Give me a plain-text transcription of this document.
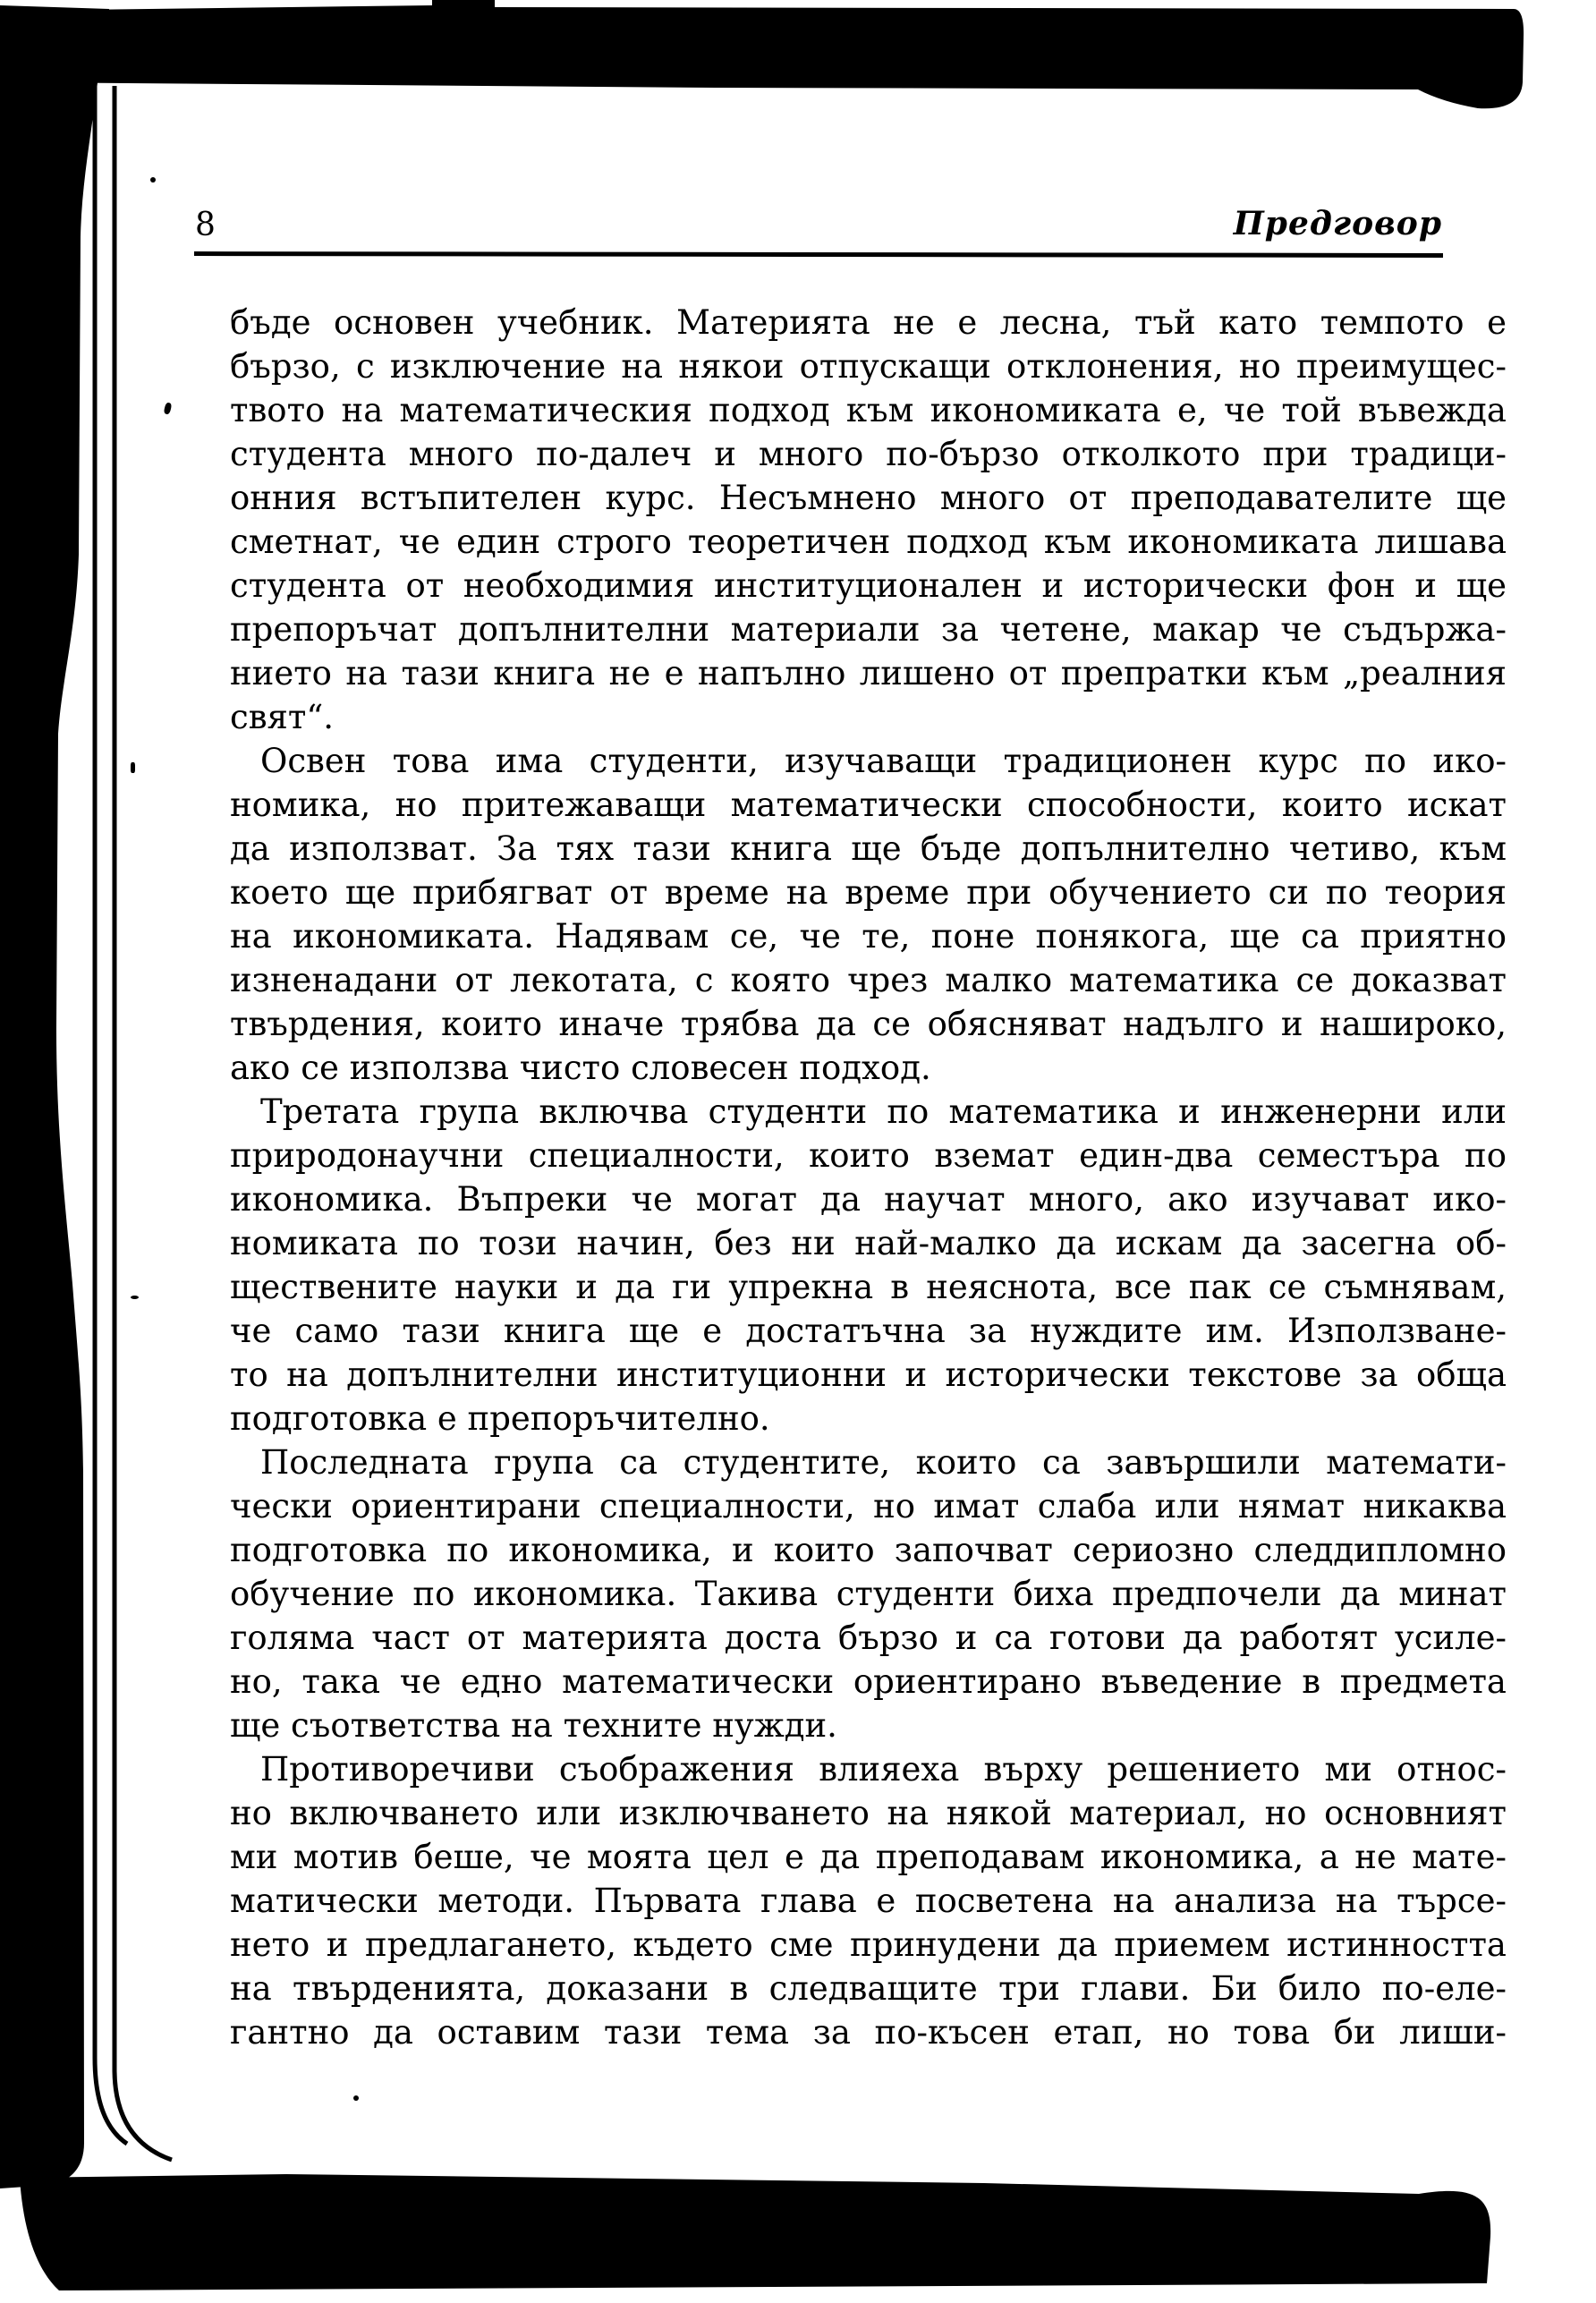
8	Предговор
бъде основен учебник. Материята не е лесна, тъй като темпото е
бързо, с изключение на някои отпускащи отклонения, но преимущес-
твото на математическия подход към икономиката е, че той въвежда
студента много по-далеч и много по-бързо отколкото при традици-
онния встъпителен курс. Несъмнено много от преподавателите ще
сметнат, че един строго теоретичен подход към икономиката лишава
студента от необходимия институционален и исторически фон и ще
препоръчат допълнителни материали за четене, макар че съдържа-
нието на тази книга не е напълно лишено от препратки към „реалния
свят“.
Освен това има студенти, изучаващи традиционен курс по ико-
номика, но притежаващи математически способности, които искат
да използват. За тях тази книга ще бъде допълнително четиво, към
което ще прибягват от време на време при обучението си по теория
на икономиката. Надявам се, че те, поне понякога, ще са приятно
изненадани от лекотата, с която чрез малко математика се доказват
твърдения, които иначе трябва да се обясняват надълго и нашироко,
ако се използва чисто словесен подход.
Третата група включва студенти по математика и инженерни или
природонаучни специалности, които вземат един-два семестъра по
икономика. Въпреки че могат да научат много, ако изучават ико-
номиката по този начин, без ни най-малко да искам да засегна об-
ществените науки и да ги упрекна в неяснота, все пак се съмнявам,
че само тази книга ще е достатъчна за нуждите им. Използване-
то на допълнителни институционни и исторически текстове за обща
подготовка е препоръчително.
Последната група са студентите, които са завършили математи-
чески ориентирани специалности, но имат слаба или нямат никаква
подготовка по икономика, и които започват сериозно следдипломно
обучение по икономика. Такива студенти биха предпочели да минат
голяма част от материята доста бързо и са готови да работят усиле-
но, така че едно математически ориентирано въведение в предмета
ще съответства на техните нужди.
Противоречиви съображения влияеха върху решението ми относ-
но включването или изключването на някой материал, но основният
ми мотив беше, че моята цел е да преподавам икономика, а не мате-
матически методи. Първата глава е посветена на анализа на търсе-
нето и предлагането, където сме принудени да приемем истинността
на твърденията, доказани в следващите три глави. Би било по-еле-
гантно да оставим тази тема за по-късен етап, но това би лиши-
